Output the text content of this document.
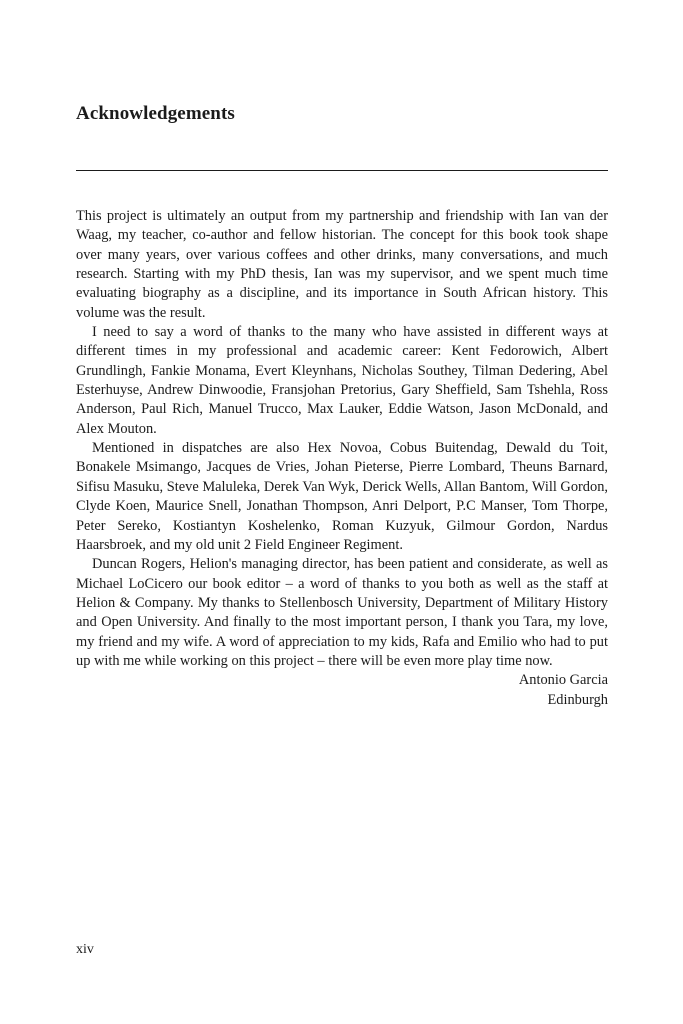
Acknowledgements

This project is ultimately an output from my partnership and friendship with Ian van der Waag, my teacher, co-author and fellow historian. The concept for this book took shape over many years, over various coffees and other drinks, many conversations, and much research. Starting with my PhD thesis, Ian was my supervisor, and we spent much time evaluating biography as a discipline, and its importance in South African history. This volume was the result.

I need to say a word of thanks to the many who have assisted in different ways at different times in my professional and academic career: Kent Fedorowich, Albert Grundlingh, Fankie Monama, Evert Kleynhans, Nicholas Southey, Tilman Dedering, Abel Esterhuyse, Andrew Dinwoodie, Fransjohan Pretorius, Gary Sheffield, Sam Tshehla, Ross Anderson, Paul Rich, Manuel Trucco, Max Lauker, Eddie Watson, Jason McDonald, and Alex Mouton.

Mentioned in dispatches are also Hex Novoa, Cobus Buitendag, Dewald du Toit, Bonakele Msimango, Jacques de Vries, Johan Pieterse, Pierre Lombard, Theuns Barnard, Sifisu Masuku, Steve Maluleka, Derek Van Wyk, Derick Wells, Allan Bantom, Will Gordon, Clyde Koen, Maurice Snell, Jonathan Thompson, Anri Delport, P.C Manser, Tom Thorpe, Peter Sereko, Kostiantyn Koshelenko, Roman Kuzyuk, Gilmour Gordon, Nardus Haarsbroek, and my old unit 2 Field Engineer Regiment.

Duncan Rogers, Helion's managing director, has been patient and considerate, as well as Michael LoCicero our book editor – a word of thanks to you both as well as the staff at Helion & Company. My thanks to Stellenbosch University, Department of Military History and Open University. And finally to the most important person, I thank you Tara, my love, my friend and my wife. A word of appreciation to my kids, Rafa and Emilio who had to put up with me while working on this project – there will be even more play time now.

Antonio Garcia
Edinburgh
xiv
